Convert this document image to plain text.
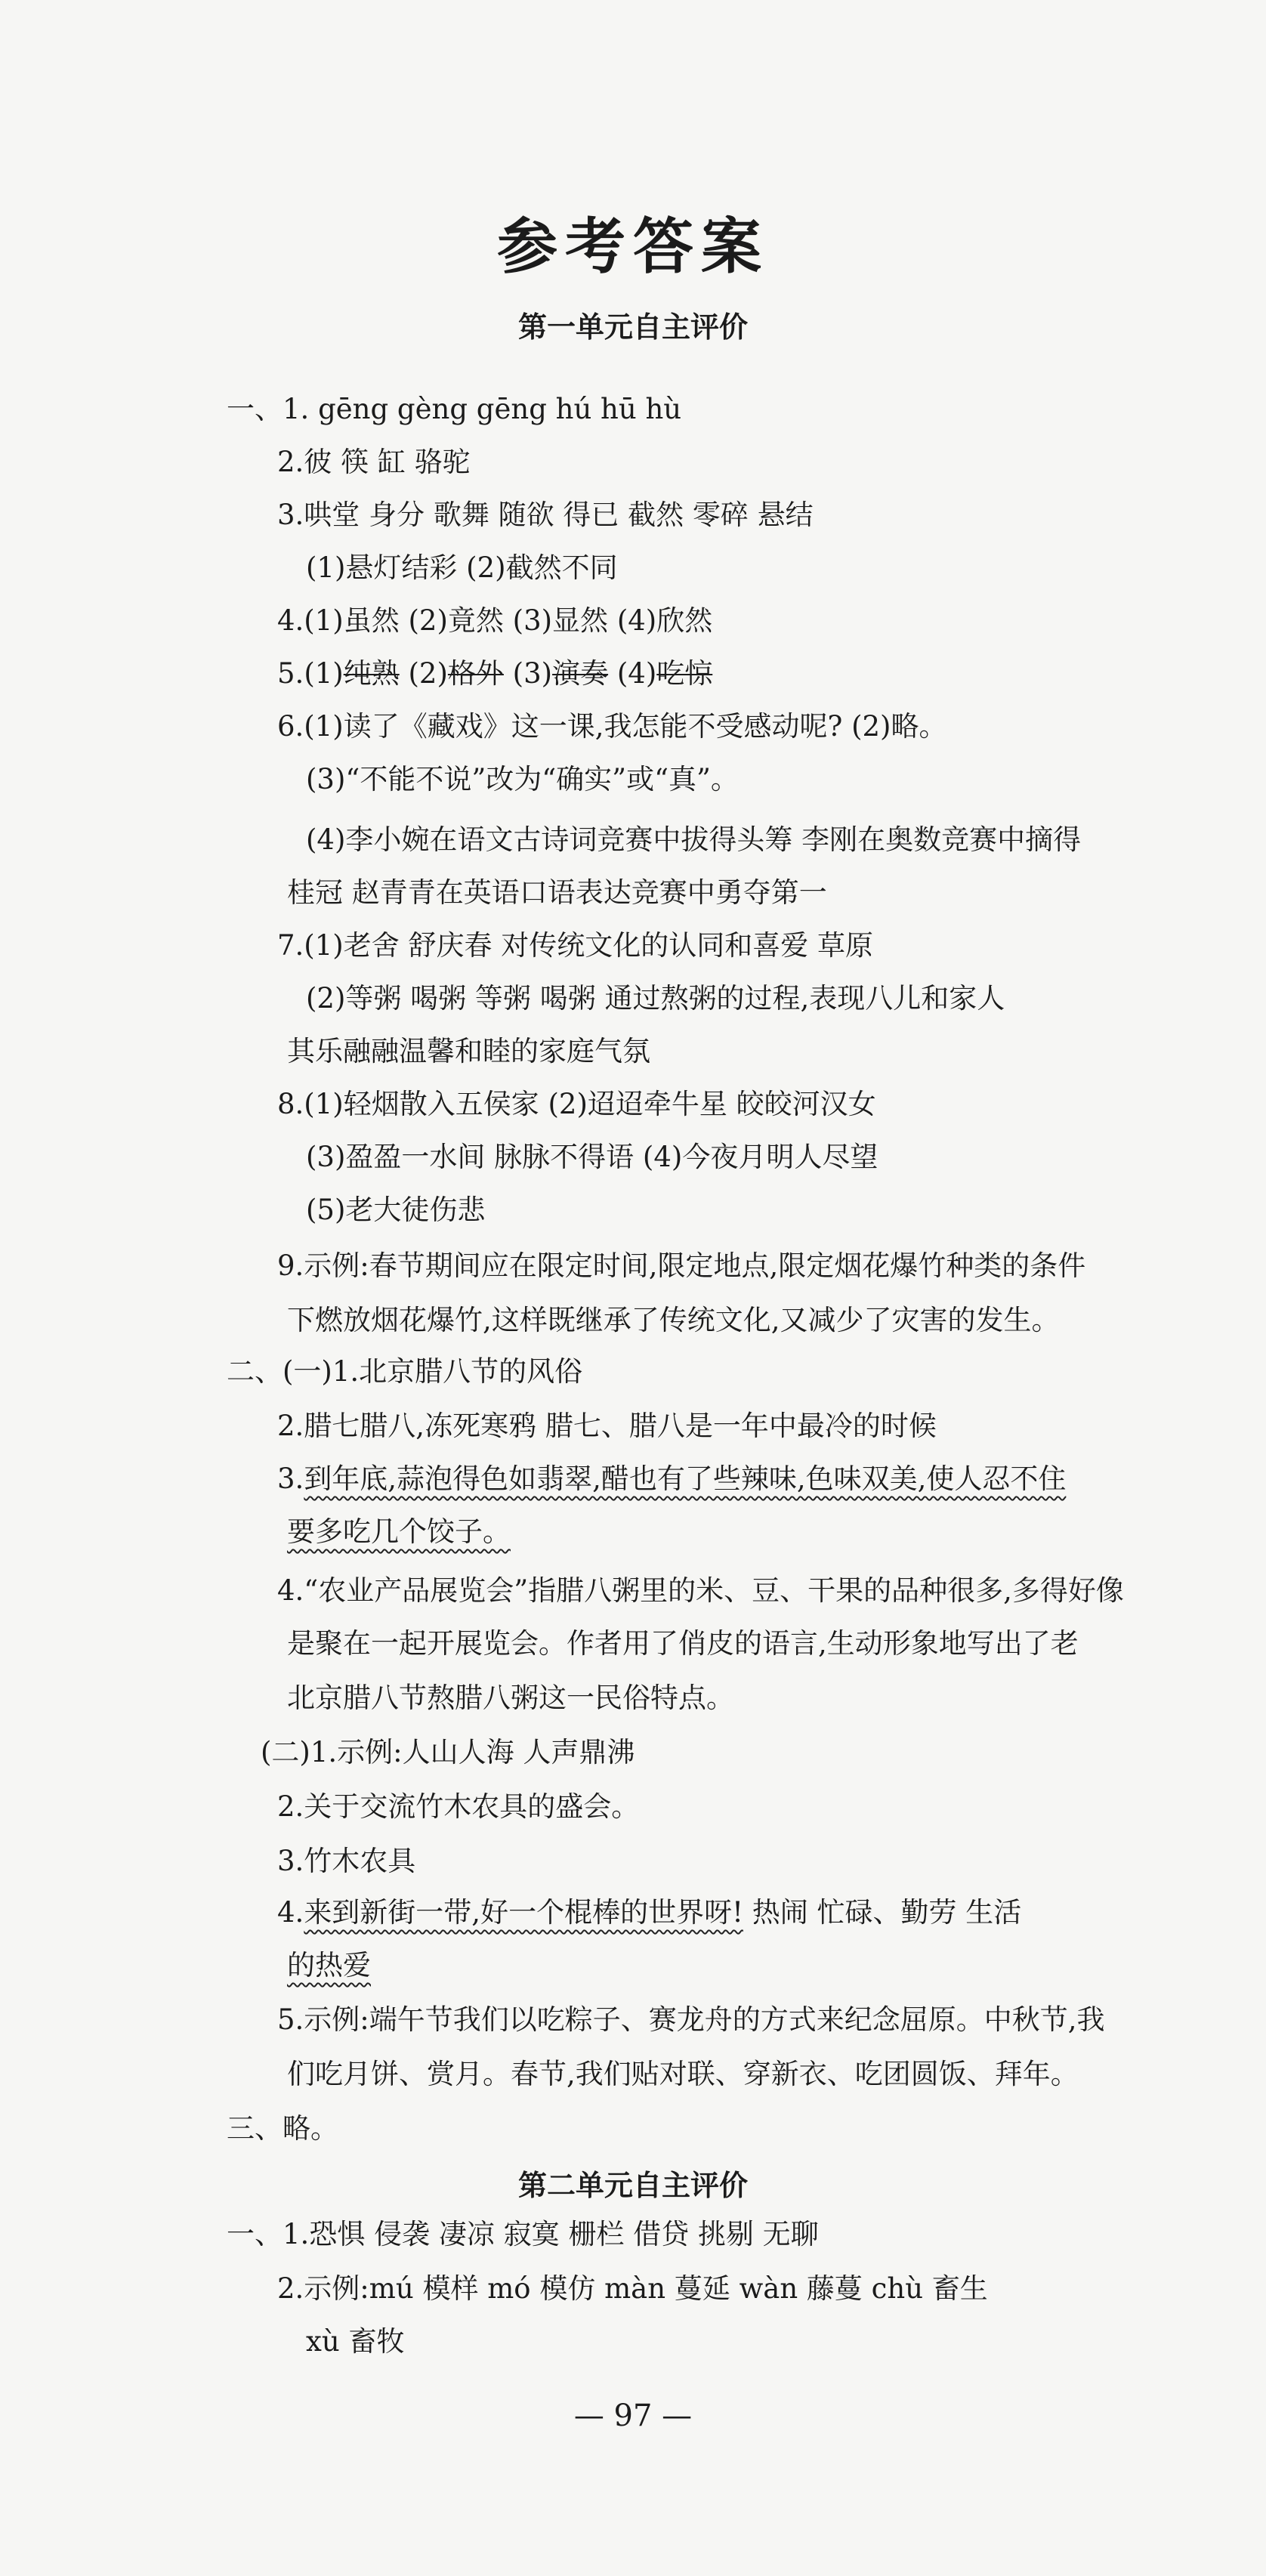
参考答案
第一单元自主评价
一、1. gēng gèng gēng hú hū hù
2.彼 筷 缸 骆驼
3.哄堂 身分 歌舞 随欲 得已 截然 零碎 悬结
(1)悬灯结彩 (2)截然不同
4.(1)虽然 (2)竟然 (3)显然 (4)欣然
5.(1)纯熟 (2)格外 (3)演奏 (4)吃惊
6.(1)读了《藏戏》这一课,我怎能不受感动呢? (2)略。
(3)“不能不说”改为“确实”或“真”。
(4)李小婉在语文古诗词竞赛中拔得头筹 李刚在奥数竞赛中摘得
桂冠 赵青青在英语口语表达竞赛中勇夺第一
7.(1)老舍 舒庆春 对传统文化的认同和喜爱 草原
(2)等粥 喝粥 等粥 喝粥 通过熬粥的过程,表现八儿和家人
其乐融融温馨和睦的家庭气氛
8.(1)轻烟散入五侯家 (2)迢迢牵牛星 皎皎河汉女
(3)盈盈一水间 脉脉不得语 (4)今夜月明人尽望
(5)老大徒伤悲
9.示例:春节期间应在限定时间,限定地点,限定烟花爆竹种类的条件
下燃放烟花爆竹,这样既继承了传统文化,又减少了灾害的发生。
二、(一)1.北京腊八节的风俗
2.腊七腊八,冻死寒鸦 腊七、腊八是一年中最冷的时候
3.到年底,蒜泡得色如翡翠,醋也有了些辣味,色味双美,使人忍不住
要多吃几个饺子。
4.“农业产品展览会”指腊八粥里的米、豆、干果的品种很多,多得好像
是聚在一起开展览会。作者用了俏皮的语言,生动形象地写出了老
北京腊八节熬腊八粥这一民俗特点。
(二)1.示例:人山人海 人声鼎沸
2.关于交流竹木农具的盛会。
3.竹木农具
4.来到新街一带,好一个棍棒的世界呀! 热闹 忙碌、勤劳 生活
的热爱
5.示例:端午节我们以吃粽子、赛龙舟的方式来纪念屈原。中秋节,我
们吃月饼、赏月。春节,我们贴对联、穿新衣、吃团圆饭、拜年。
三、略。
第二单元自主评价
一、1.恐惧 侵袭 凄凉 寂寞 栅栏 借贷 挑剔 无聊
2.示例:mú 模样 mó 模仿 màn 蔓延 wàn 藤蔓 chù 畜生
xù 畜牧
— 97 —
